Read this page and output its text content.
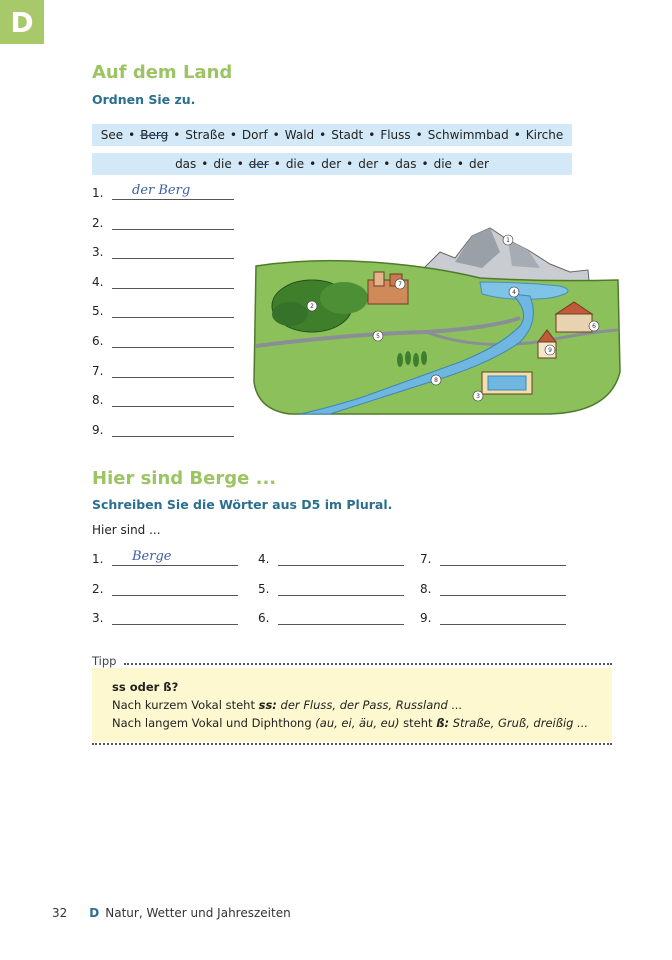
D
Auf dem Land
Ordnen Sie zu.
See • Berg • Straße • Dorf • Wald • Stadt • Fluss • Schwimmbad • Kirche
das • die • der • die • der • der • das • die • der
1.	der Berg
2.
3.
4.
5.
6.
7.
8.
9.
1
2
3
4
5
6
7
8
9
Hier sind Berge ...
Schreiben Sie die Wörter aus D5 im Plural.
Hier sind ...
1.	Berge
2.
3.
4.
5.
6.
7.
8.
9.
Tipp
ss oder ß?
Nach kurzem Vokal steht ss: der Fluss, der Pass, Russland ...
Nach langem Vokal und Diphthong (au, ei, äu, eu) steht ß: Straße, Gruß, dreißig ...
32 D Natur, Wetter und Jahreszeiten
